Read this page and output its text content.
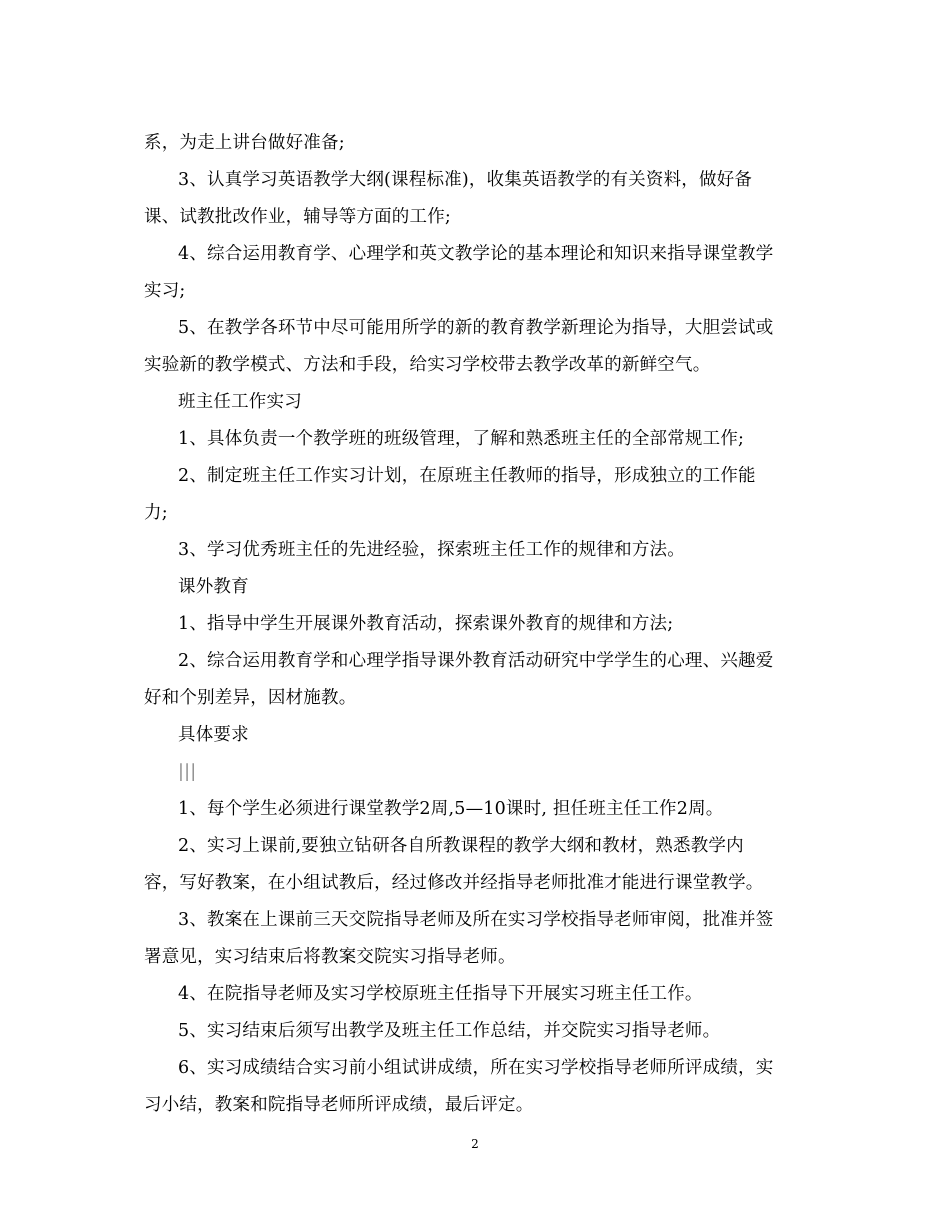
系，为走上讲台做好准备;
3、认真学习英语教学大纲(课程标准)，收集英语教学的有关资料，做好备
课、试教批改作业，辅导等方面的工作;
4、综合运用教育学、心理学和英文教学论的基本理论和知识来指导课堂教学
实习;
5、在教学各环节中尽可能用所学的新的教育教学新理论为指导，大胆尝试或
实验新的教学模式、方法和手段，给实习学校带去教学改革的新鲜空气。
班主任工作实习
1、具体负责一个教学班的班级管理，了解和熟悉班主任的全部常规工作;
2、制定班主任工作实习计划，在原班主任教师的指导，形成独立的工作能
力;
3、学习优秀班主任的先进经验，探索班主任工作的规律和方法。
课外教育
1、指导中学生开展课外教育活动，探索课外教育的规律和方法;
2、综合运用教育学和心理学指导课外教育活动研究中学学生的心理、兴趣爱
好和个别差异，因材施教。
具体要求
|||
1、每个学生必须进行课堂教学2周,5—10课时, 担任班主任工作2周。
2、实习上课前,要独立钻研各自所教课程的教学大纲和教材，熟悉教学内
容，写好教案，在小组试教后，经过修改并经指导老师批准才能进行课堂教学。
3、教案在上课前三天交院指导老师及所在实习学校指导老师审阅，批准并签
署意见，实习结束后将教案交院实习指导老师。
4、在院指导老师及实习学校原班主任指导下开展实习班主任工作。
5、实习结束后须写出教学及班主任工作总结，并交院实习指导老师。
6、实习成绩结合实习前小组试讲成绩，所在实习学校指导老师所评成绩，实
习小结，教案和院指导老师所评成绩，最后评定。
2
